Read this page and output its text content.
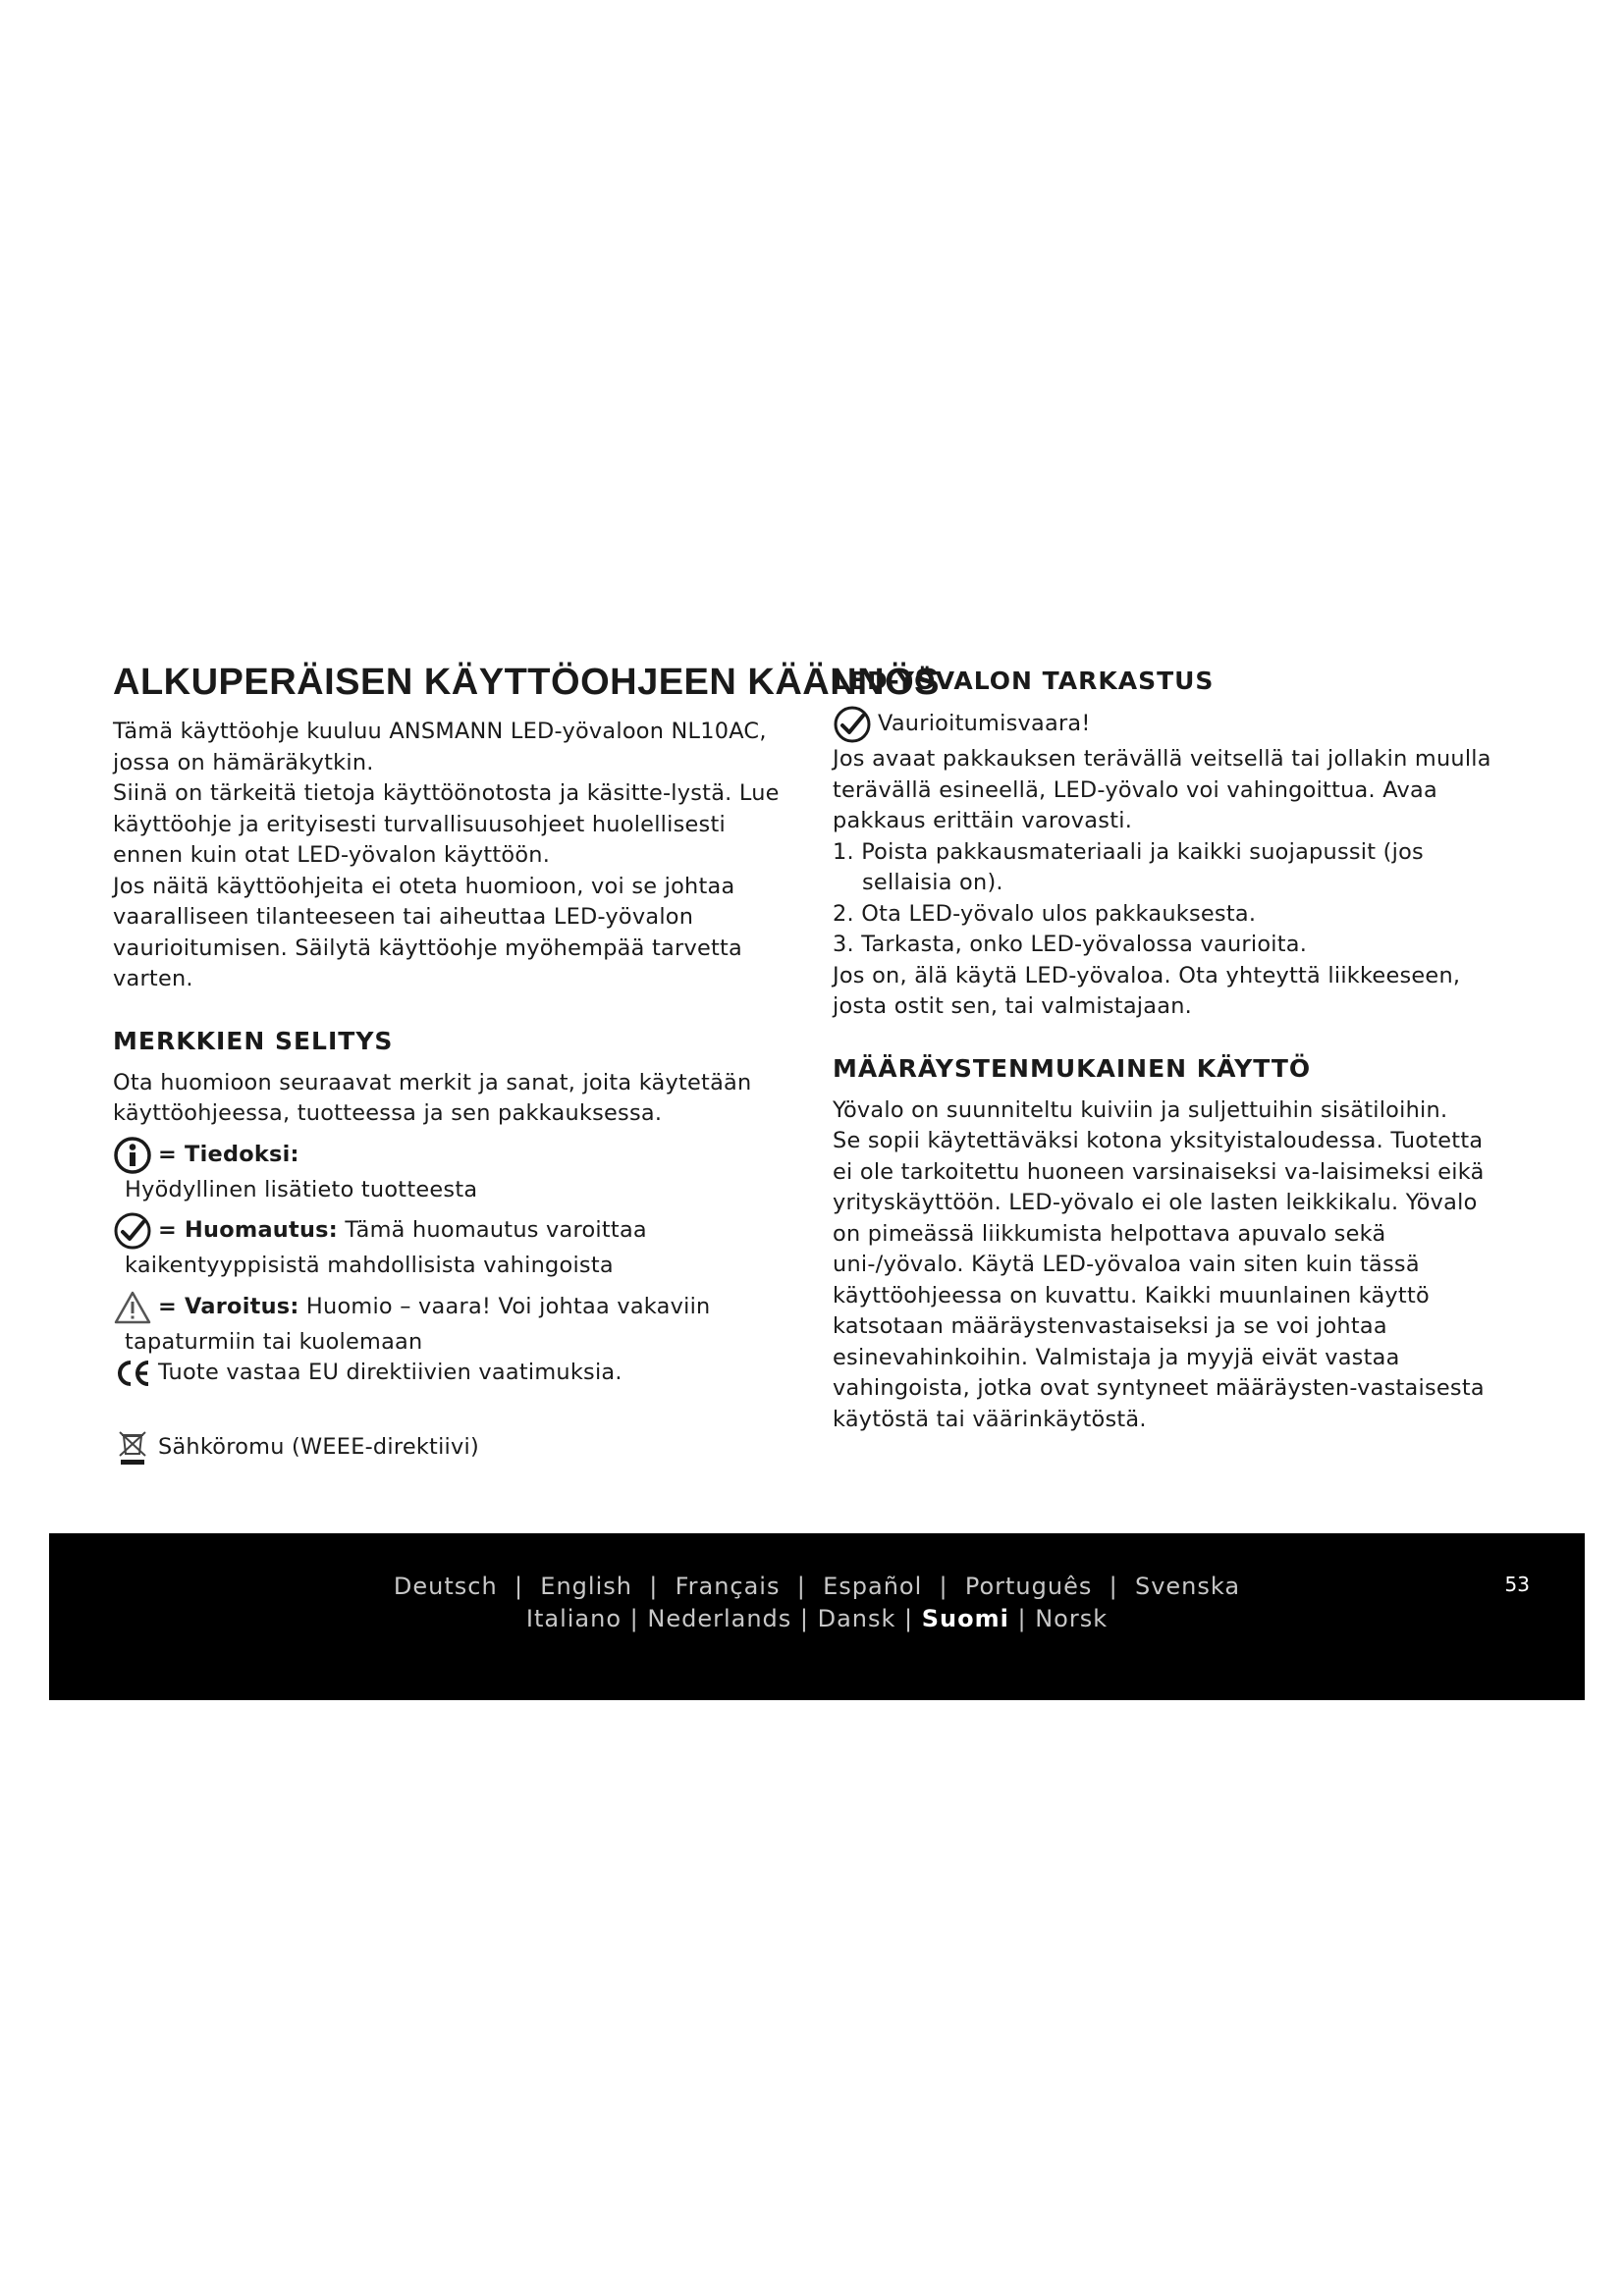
ALKUPERÄISEN KÄYTTÖOHJEEN KÄÄNNÖS

Tämä käyttöohje kuuluu ANSMANN LED-yövaloon NL10AC, jossa on hämäräkytkin.

Siinä on tärkeitä tietoja käyttöönotosta ja käsitte-lystä. Lue käyttöohje ja erityisesti turvallisuusohjeet huolellisesti ennen kuin otat LED-yövalon käyttöön.

Jos näitä käyttöohjeita ei oteta huomioon, voi se johtaa vaaralliseen tilanteeseen tai aiheuttaa LED-yövalon vaurioitumisen. Säilytä käyttöohje myöhempää tarvetta varten.

MERKKIEN SELITYS

Ota huomioon seuraavat merkit ja sanat, joita käytetään käyttöohjeessa, tuotteessa ja sen pakkauksessa.

= Tiedoksi:
Hyödyllinen lisätieto tuotteesta
= Huomautus: Tämä huomautus varoittaa
kaikentyyppisistä mahdollisista vahingoista
= Varoitus: Huomio – vaara! Voi johtaa vakaviin
tapaturmiin tai kuolemaan
Tuote vastaa EU direktiivien vaatimuksia.
Sähköromu (WEEE-direktiivi)
LED-YÖVALON TARKASTUS
Vaurioitumisvaara!

Jos avaat pakkauksen terävällä veitsellä tai jollakin muulla terävällä esineellä, LED-yövalo voi vahingoittua. Avaa pakkaus erittäin varovasti.

1. Poista pakkausmateriaali ja kaikki suojapussit (jos sellaisia on).
2. Ota LED-yövalo ulos pakkauksesta.
3. Tarkasta, onko LED-yövalossa vaurioita.

Jos on, älä käytä LED-yövaloa. Ota yhteyttä liikkeeseen, josta ostit sen, tai valmistajaan.

MÄÄRÄYSTENMUKAINEN KÄYTTÖ

Yövalo on suunniteltu kuiviin ja suljettuihin sisätiloihin.

Se sopii käytettäväksi kotona yksityistaloudessa. Tuotetta ei ole tarkoitettu huoneen varsinaiseksi va-laisimeksi eikä yrityskäyttöön. LED-yövalo ei ole lasten leikkikalu. Yövalo on pimeässä liikkumista helpottava apuvalo sekä uni-/yövalo. Käytä LED-yövaloa vain siten kuin tässä käyttöohjeessa on kuvattu. Kaikki muunlainen käyttö katsotaan määräystenvastaiseksi ja se voi johtaa esinevahinkoihin. Valmistaja ja myyjä eivät vastaa vahingoista, jotka ovat syntyneet määräysten-vastaisesta käytöstä tai väärinkäytöstä.

Deutsch  |  English  |  Français  |  Español  |  Português  |  Svenska
Italiano | Nederlands | Dansk | Suomi | Norsk
53
